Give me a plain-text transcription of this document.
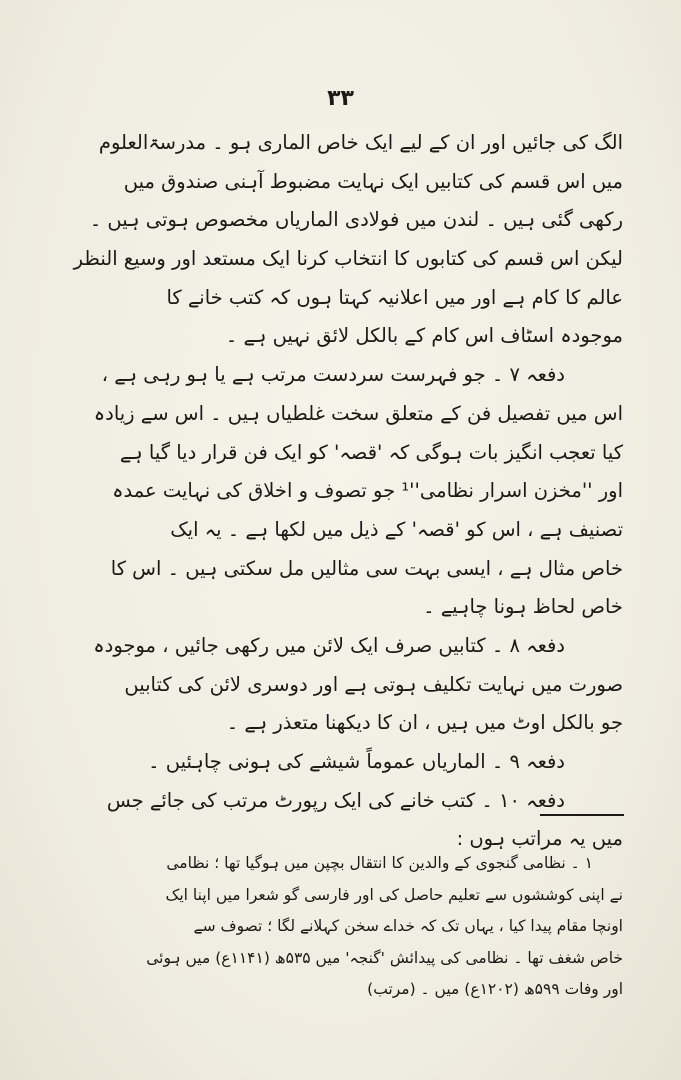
٣٣
الگ کی جائیں اور ان کے لیے ایک خاص الماری ہو ۔ مدرسۃالعلوم
میں اس قسم کی کتابیں ایک نہایت مضبوط آہنی صندوق میں
رکھی گئی ہیں ۔ لندن میں فولادی الماریاں مخصوص ہوتی ہیں ۔
لیکن اس قسم کی کتابوں کا انتخاب کرنا ایک مستعد اور وسیع النظر
عالم کا کام ہے اور میں اعلانیہ کہتا ہوں کہ کتب خانے کا
موجودہ اسٹاف اس کام کے بالکل لائق نہیں ہے ۔
دفعہ ۷ ۔ جو فہرست سردست مرتب ہے یا ہو رہی ہے ،
اس میں تفصیل فن کے متعلق سخت غلطیاں ہیں ۔ اس سے زیادہ
کیا تعجب انگیز بات ہوگی کہ 'قصہ' کو ایک فن قرار دیا گیا ہے
اور ''مخزن اسرار نظامی''¹ جو تصوف و اخلاق کی نہایت عمدہ
تصنیف ہے ، اس کو 'قصہ' کے ذیل میں لکھا ہے ۔ یہ ایک
خاص مثال ہے ، ایسی بہت سی مثالیں مل سکتی ہیں ۔ اس کا
خاص لحاظ ہونا چاہیے ۔
دفعہ ۸ ۔ کتابیں صرف ایک لائن میں رکھی جائیں ، موجودہ
صورت میں نہایت تکلیف ہوتی ہے اور دوسری لائن کی کتابیں
جو بالکل اوٹ میں ہیں ، ان کا دیکھنا متعذر ہے ۔
دفعہ ۹ ۔ الماریاں عموماً شیشے کی ہونی چاہئیں ۔
دفعہ ۱۰ ۔ کتب خانے کی ایک رپورٹ مرتب کی جائے جس
میں یہ مراتب ہوں :
۱ ۔ نظامی گنجوی کے والدین کا انتقال بچپن میں ہوگیا تھا ؛ نظامی
نے اپنی کوششوں سے تعلیم حاصل کی اور فارسی گو شعرا میں اپنا ایک
اونچا مقام پیدا کیا ، یہاں تک کہ خداے سخن کہلانے لگا ؛ تصوف سے
خاص شغف تھا ۔ نظامی کی پیدائش 'گنجہ' میں ۵۳۵ھ (۱۱۴۱ع) میں ہوئی
اور وفات ۵۹۹ھ (۱۲۰۲ع) میں ۔ (مرتب)
